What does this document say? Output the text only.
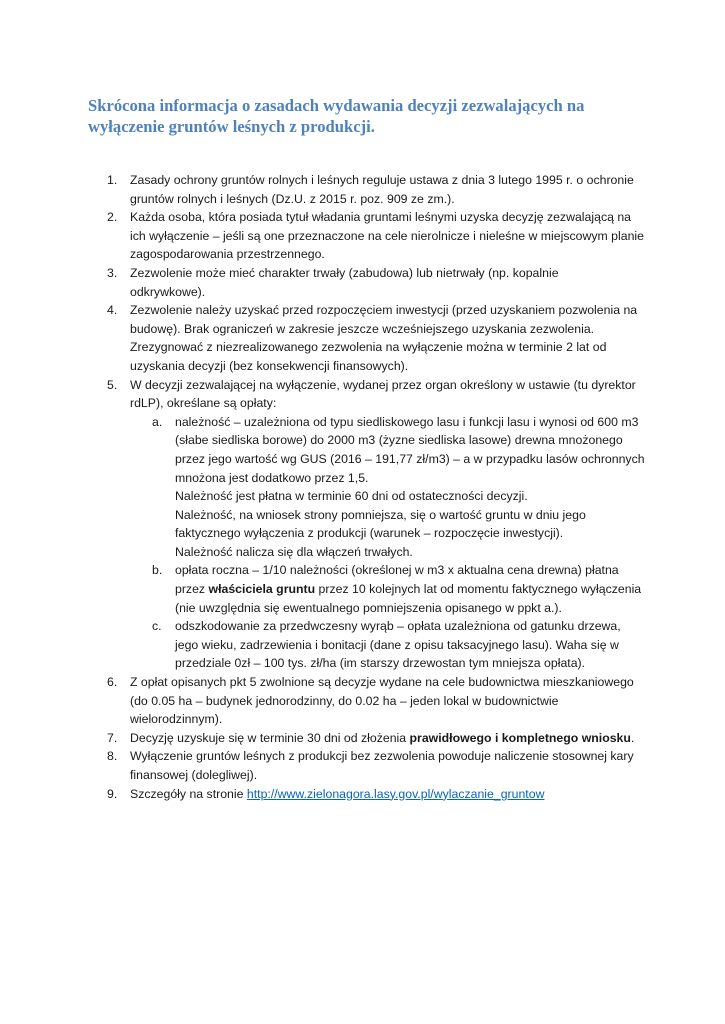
Skrócona informacja o zasadach wydawania decyzji zezwalających na
wyłączenie gruntów leśnych z produkcji.
1.	Zasady ochrony gruntów rolnych i leśnych reguluje ustawa z dnia 3 lutego 1995 r. o ochronie
gruntów rolnych i leśnych (Dz.U. z 2015 r. poz. 909 ze zm.).
2.	Każda osoba, która posiada tytuł władania gruntami leśnymi uzyska decyzję zezwalającą na
ich wyłączenie – jeśli są one przeznaczone na cele nierolnicze i nieleśne w miejscowym planie
zagospodarowania przestrzennego.
3.	Zezwolenie może mieć charakter trwały (zabudowa) lub nietrwały (np. kopalnie
odkrywkowe).
4.	Zezwolenie należy uzyskać przed rozpoczęciem inwestycji (przed uzyskaniem pozwolenia na
budowę). Brak ograniczeń w zakresie jeszcze wcześniejszego uzyskania zezwolenia.
Zrezygnować z niezrealizowanego zezwolenia na wyłączenie można w terminie 2 lat od
uzyskania decyzji (bez konsekwencji finansowych).
5.	W decyzji zezwalającej na wyłączenie, wydanej przez organ określony w ustawie (tu dyrektor
rdLP), określane są opłaty:
a.	należność – uzależniona od typu siedliskowego lasu i funkcji lasu i wynosi od 600 m3
(słabe siedliska borowe) do 2000 m3 (żyzne siedliska lasowe) drewna mnożonego
przez jego wartość wg GUS (2016 – 191,77 zł/m3) – a w przypadku lasów ochronnych
mnożona jest dodatkowo przez 1,5.
Należność jest płatna w terminie 60 dni od ostateczności decyzji.
Należność, na wniosek strony pomniejsza, się o wartość gruntu w dniu jego
faktycznego wyłączenia z produkcji (warunek – rozpoczęcie inwestycji).
Należność nalicza się dla włączeń trwałych.
b.	opłata roczna – 1/10 należności (określonej w m3 x aktualna cena drewna) płatna
przez właściciela gruntu przez 10 kolejnych lat od momentu faktycznego wyłączenia
(nie uwzględnia się ewentualnego pomniejszenia opisanego w ppkt a.).
c.	odszkodowanie za przedwczesny wyrąb – opłata uzależniona od gatunku drzewa,
jego wieku, zadrzewienia i bonitacji (dane z opisu taksacyjnego lasu). Waha się w
przedziale 0zł – 100 tys. zł/ha (im starszy drzewostan tym mniejsza opłata).
6.	Z opłat opisanych pkt 5 zwolnione są decyzje wydane na cele budownictwa mieszkaniowego
(do 0.05 ha – budynek jednorodzinny, do 0.02 ha – jeden lokal w budownictwie
wielorodzinnym).
7.	Decyzję uzyskuje się w terminie 30 dni od złożenia prawidłowego i kompletnego wniosku.
8.	Wyłączenie gruntów leśnych z produkcji bez zezwolenia powoduje naliczenie stosownej kary
finansowej (dolegliwej).
9.	Szczegóły na stronie http://www.zielonagora.lasy.gov.pl/wylaczanie_gruntow
